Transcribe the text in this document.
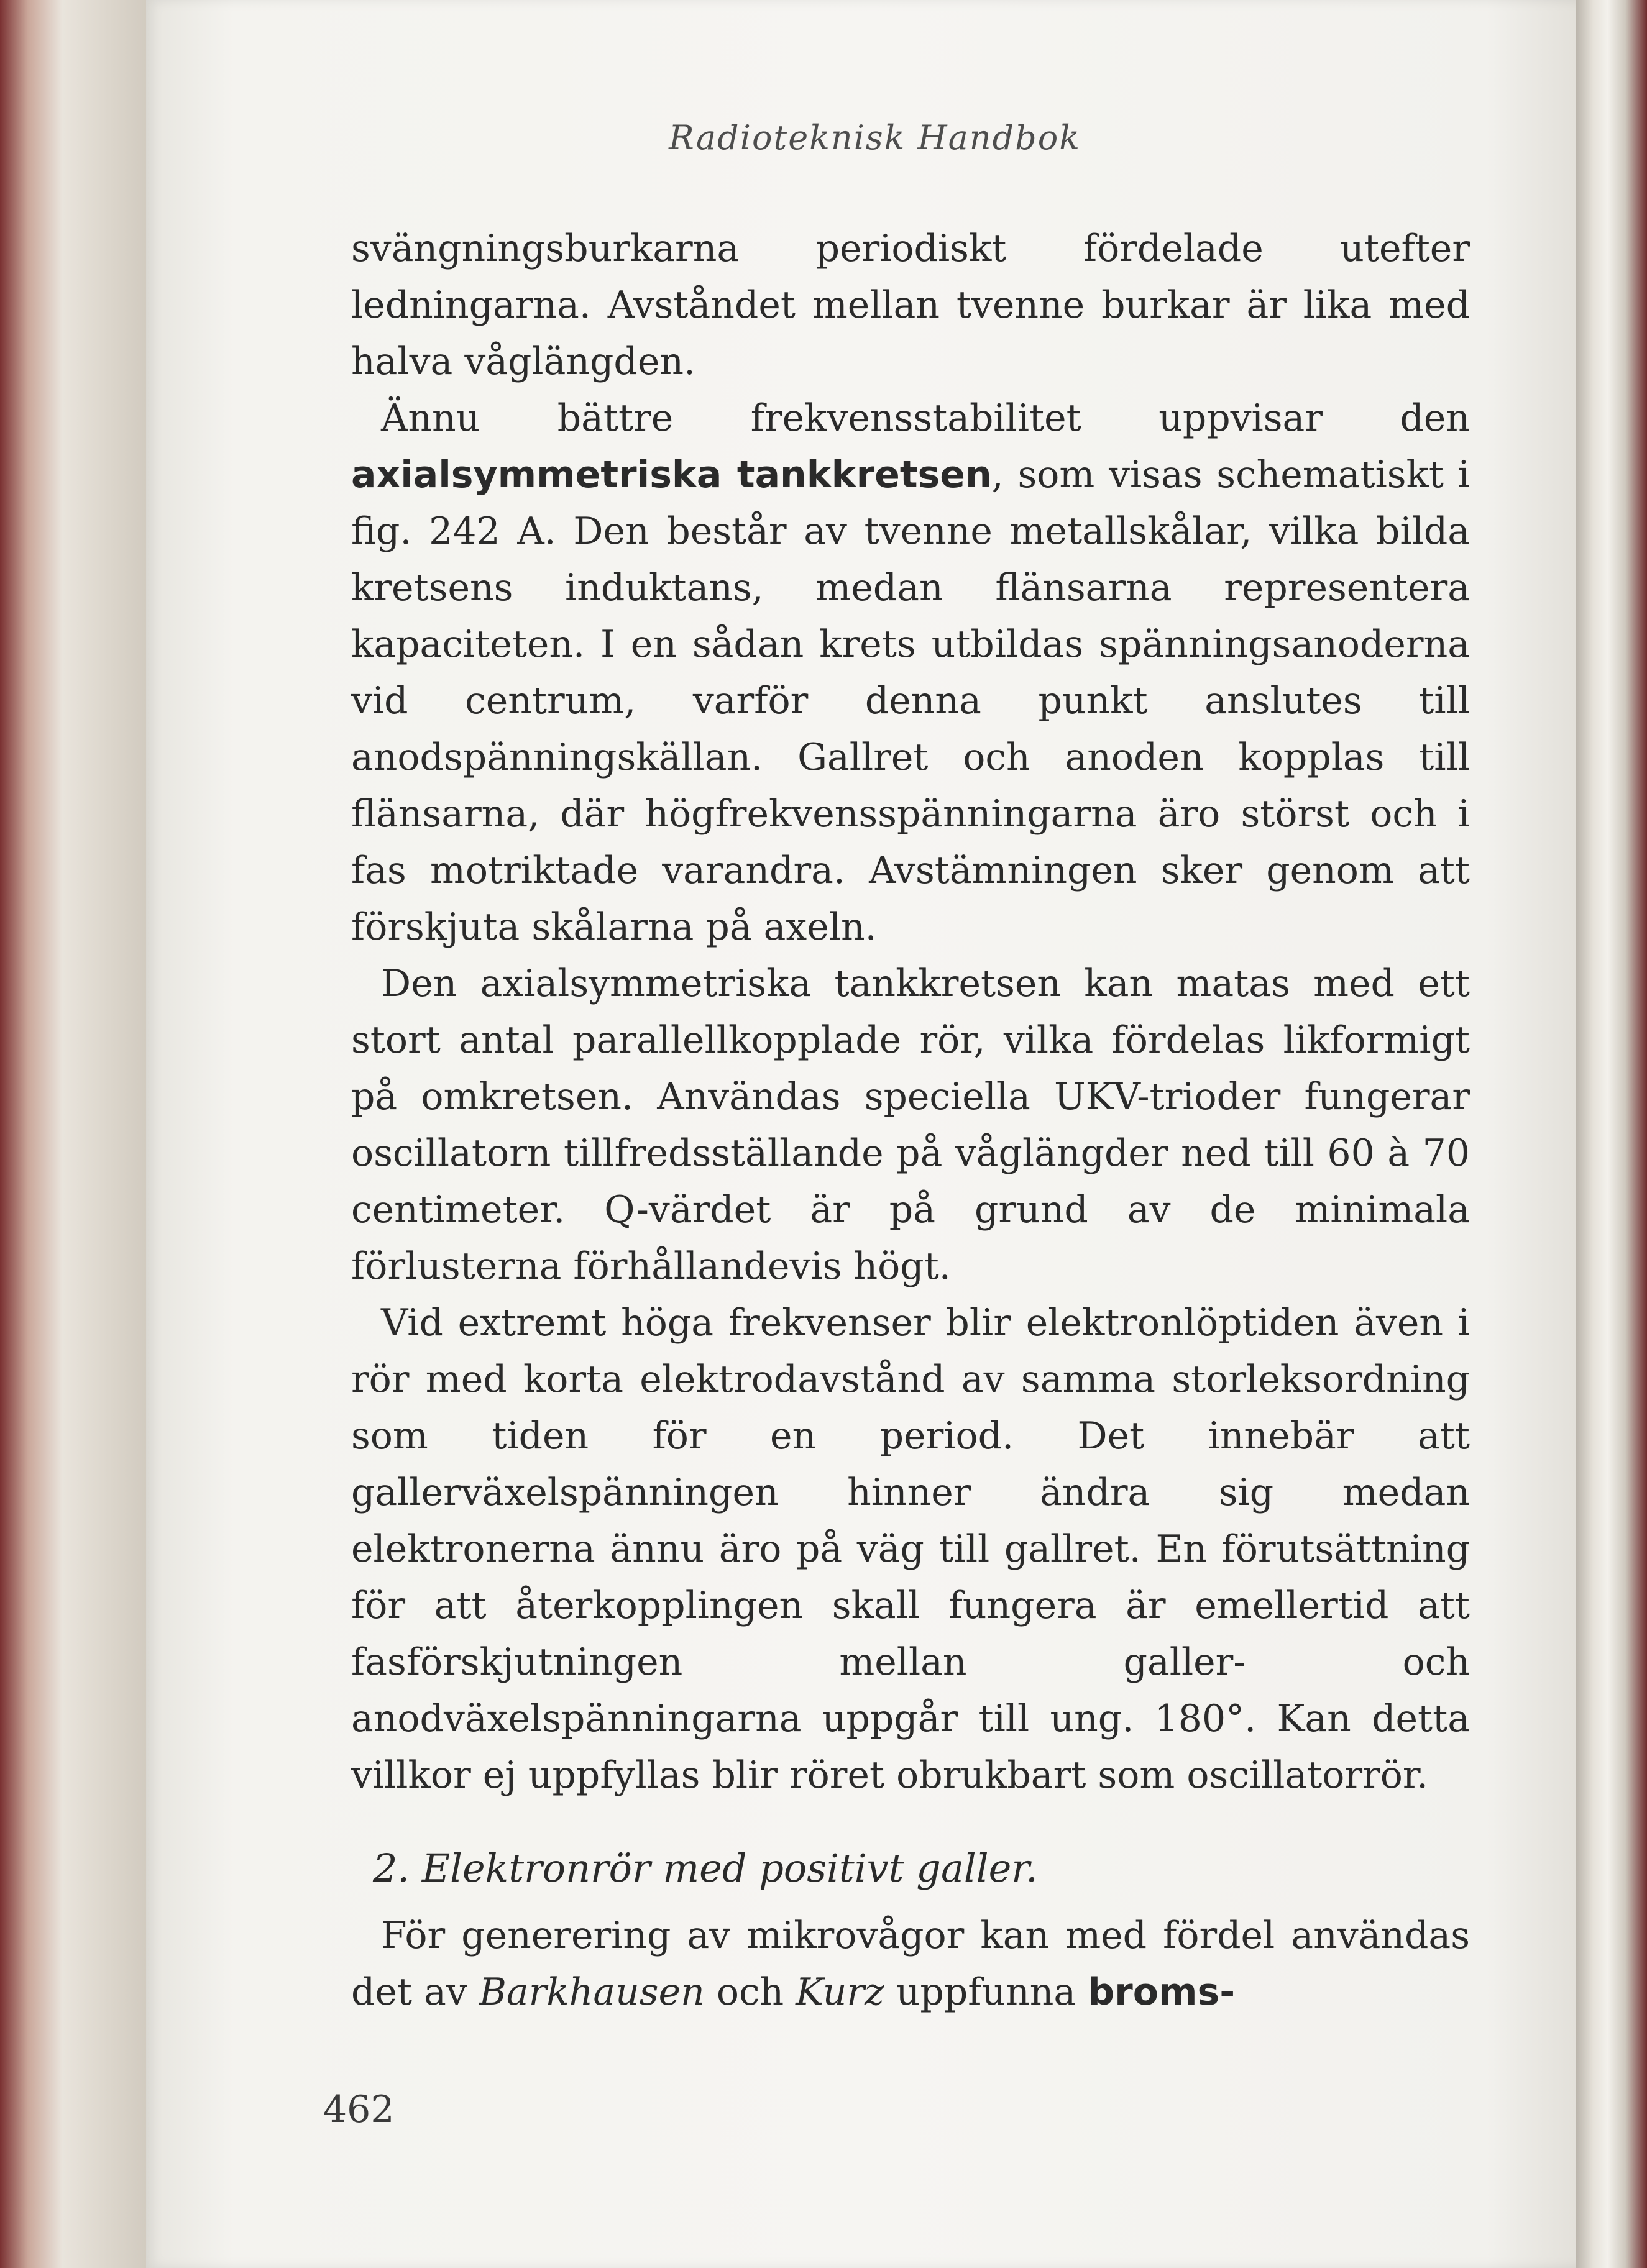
Radioteknisk Handbok

svängningsburkarna periodiskt fördelade utefter ledningarna. Avståndet mellan tvenne burkar är lika med halva våglängden.

Ännu bättre frekvensstabilitet uppvisar den axialsymmetriska tankkretsen, som visas schematiskt i fig. 242 A. Den består av tvenne metallskålar, vilka bilda kretsens induktans, medan flänsarna representera kapaciteten. I en sådan krets utbildas spänningsanoderna vid centrum, varför denna punkt anslutes till anodspänningskällan. Gallret och anoden kopplas till flänsarna, där högfrekvensspänningarna äro störst och i fas motriktade varandra. Avstämningen sker genom att förskjuta skålarna på axeln.

Den axialsymmetriska tankkretsen kan matas med ett stort antal parallellkopplade rör, vilka fördelas likformigt på omkretsen. Användas speciella UKV-trioder fungerar oscillatorn tillfredsställande på våglängder ned till 60 à 70 centimeter. Q-värdet är på grund av de minimala förlusterna förhållandevis högt.

Vid extremt höga frekvenser blir elektronlöptiden även i rör med korta elektrodavstånd av samma storleksordning som tiden för en period. Det innebär att gallerväxelspänningen hinner ändra sig medan elektronerna ännu äro på väg till gallret. En förutsättning för att återkopplingen skall fungera är emellertid att fasförskjutningen mellan galler- och anodväxelspänningarna uppgår till ung. 180°. Kan detta villkor ej uppfyllas blir röret obrukbart som oscillatorrör.

2. Elektronrör med positivt galler.

För generering av mikrovågor kan med fördel användas det av Barkhausen och Kurz uppfunna broms-

462
